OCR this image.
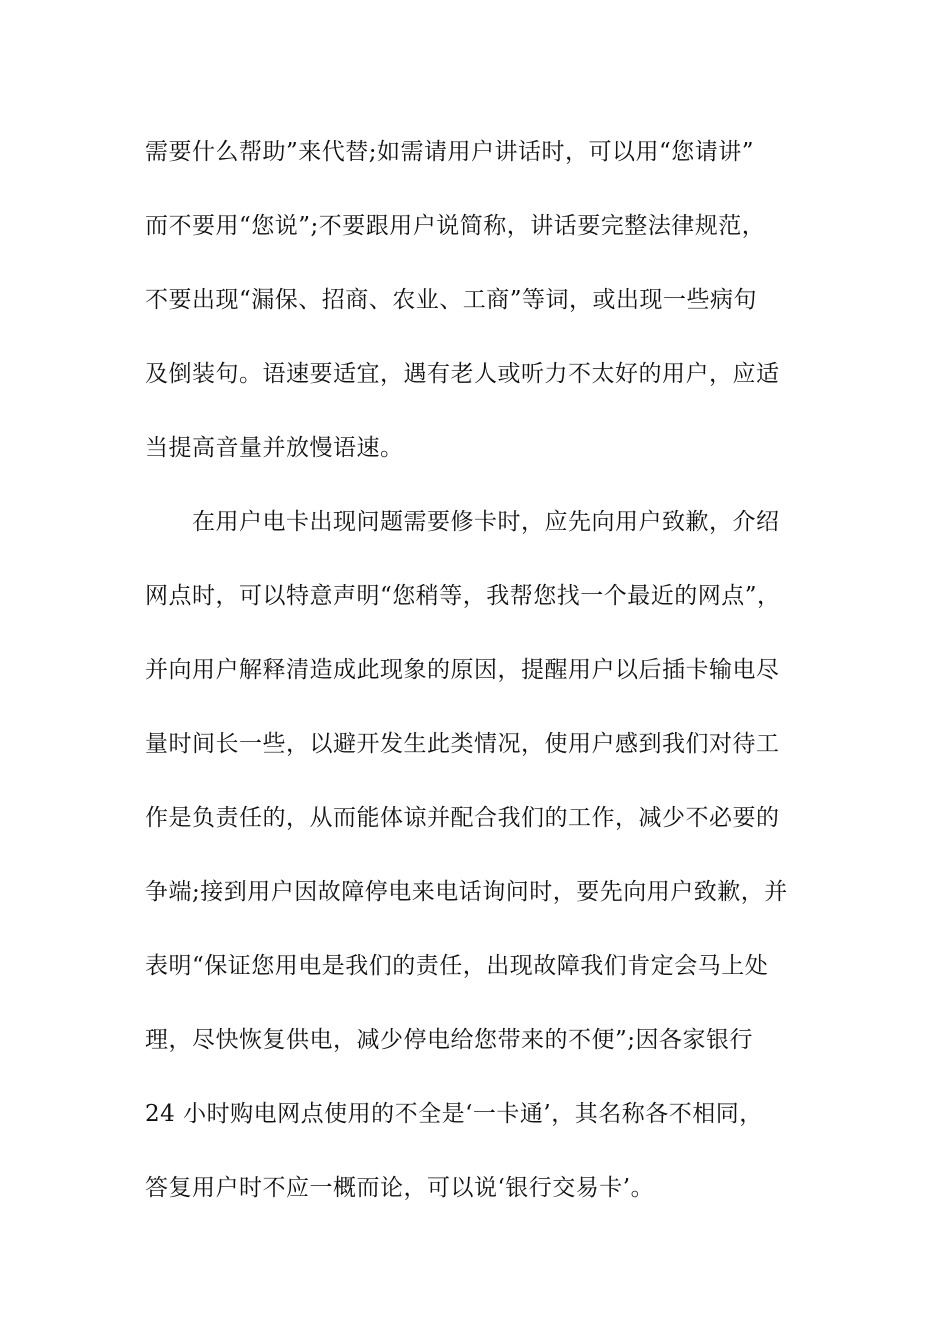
需要什么帮助”来代替;如需请用户讲话时，可以用“您请讲”
而不要用“您说”;不要跟用户说简称，讲话要完整法律规范，
不要出现“漏保、招商、农业、工商”等词，或出现一些病句
及倒装句。语速要适宜，遇有老人或听力不太好的用户，应适
当提高音量并放慢语速。
在用户电卡出现问题需要修卡时，应先向用户致歉，介绍
网点时，可以特意声明“您稍等，我帮您找一个最近的网点”，
并向用户解释清造成此现象的原因，提醒用户以后插卡输电尽
量时间长一些，以避开发生此类情况，使用户感到我们对待工
作是负责任的，从而能体谅并配合我们的工作，减少不必要的
争端;接到用户因故障停电来电话询问时，要先向用户致歉，并
表明“保证您用电是我们的责任，出现故障我们肯定会马上处
理，尽快恢复供电，减少停电给您带来的不便”;因各家银行
24 小时购电网点使用的不全是‘一卡通’，其名称各不相同，
答复用户时不应一概而论，可以说‘银行交易卡’。
